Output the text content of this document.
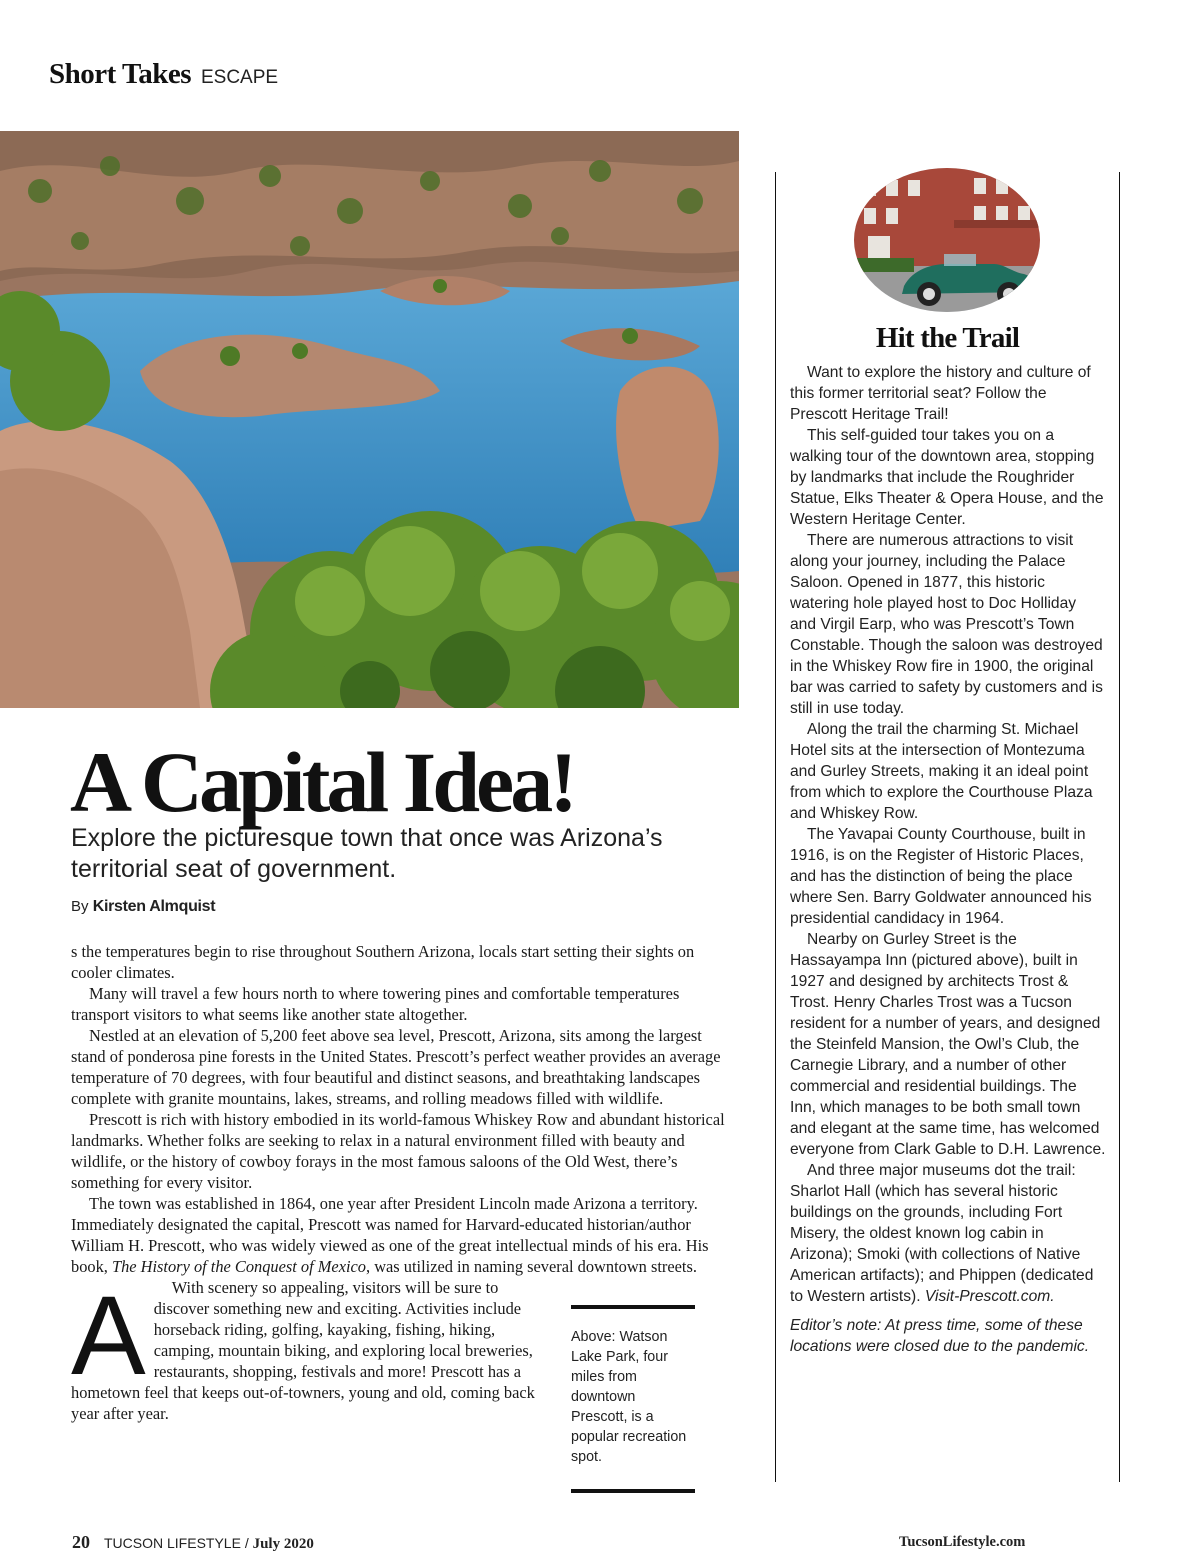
Short Takes ESCAPE
A Capital Idea!

Explore the picturesque town that once was Arizona’s territorial seat of government.

By Kirsten Almquist

A
s the temperatures begin to rise throughout Southern Arizona, locals start setting their sights on cooler climates.

Many will travel a few hours north to where towering pines and comfortable temperatures transport visitors to what seems like another state altogether.

Nestled at an elevation of 5,200 feet above sea level, Prescott, Arizona, sits among the largest stand of ponderosa pine forests in the United States. Prescott’s perfect weather provides an average temperature of 70 degrees, with four beautiful and distinct seasons, and breathtaking landscapes complete with granite mountains, lakes, streams, and rolling meadows filled with wildlife.

Prescott is rich with history embodied in its world-famous Whiskey Row and abundant historical landmarks. Whether folks are seeking to relax in a natural environment filled with beauty and wildlife, or the history of cowboy forays in the most famous saloons of the Old West, there’s something for every visitor.

The town was established in 1864, one year after President Lincoln made Arizona a territory. Immediately designated the capital, Prescott was named for Harvard-educated historian/author William H. Prescott, who was widely viewed as one of the great intellectual minds of his era. His book, The History of the Conquest of Mexico, was utilized in naming several downtown streets.

With scenery so appealing, visitors will be sure to discover something new and exciting. Activities include horseback riding, golfing, kayaking, fishing, hiking, camping, mountain biking, and exploring local breweries, restaurants, shopping, festivals and more! Prescott has a hometown feel that keeps out-of-towners, young and old, coming back year after year.

Above: Watson Lake Park, four miles from downtown Prescott, is a popular recreation spot.
Hit the Trail

Want to explore the history and culture of this former territorial seat? Follow the Prescott Heritage Trail!

This self-guided tour takes you on a walking tour of the downtown area, stopping by landmarks that include the Roughrider Statue, Elks Theater & Opera House, and the Western Heritage Center.

There are numerous attractions to visit along your journey, including the Palace Saloon. Opened in 1877, this historic watering hole played host to Doc Holliday and Virgil Earp, who was Prescott’s Town Constable. Though the saloon was destroyed in the Whiskey Row fire in 1900, the original bar was carried to safety by customers and is still in use today.

Along the trail the charming St. Michael Hotel sits at the intersection of Montezuma and Gurley Streets, making it an ideal point from which to explore the Courthouse Plaza and Whiskey Row.

The Yavapai County Courthouse, built in 1916, is on the Register of Historic Places, and has the distinction of being the place where Sen. Barry Goldwater announced his presidential candidacy in 1964.

Nearby on Gurley Street is the Hassayampa Inn (pictured above), built in 1927 and designed by architects Trost & Trost. Henry Charles Trost was a Tucson resident for a number of years, and designed the Steinfeld Mansion, the Owl’s Club, the Carnegie Library, and a number of other commercial and residential buildings. The Inn, which manages to be both small town and elegant at the same time, has welcomed everyone from Clark Gable to D.H. Lawrence.

And three major museums dot the trail: Sharlot Hall (which has several historic buildings on the grounds, including Fort Misery, the oldest known log cabin in Arizona); Smoki (with collections of Native American artifacts); and Phippen (dedicated to Western artists). Visit-Prescott.com.

Editor’s note: At press time, some of these locations were closed due to the pandemic.

20 TUCSON LIFESTYLE / July 2020	TucsonLifestyle.com
